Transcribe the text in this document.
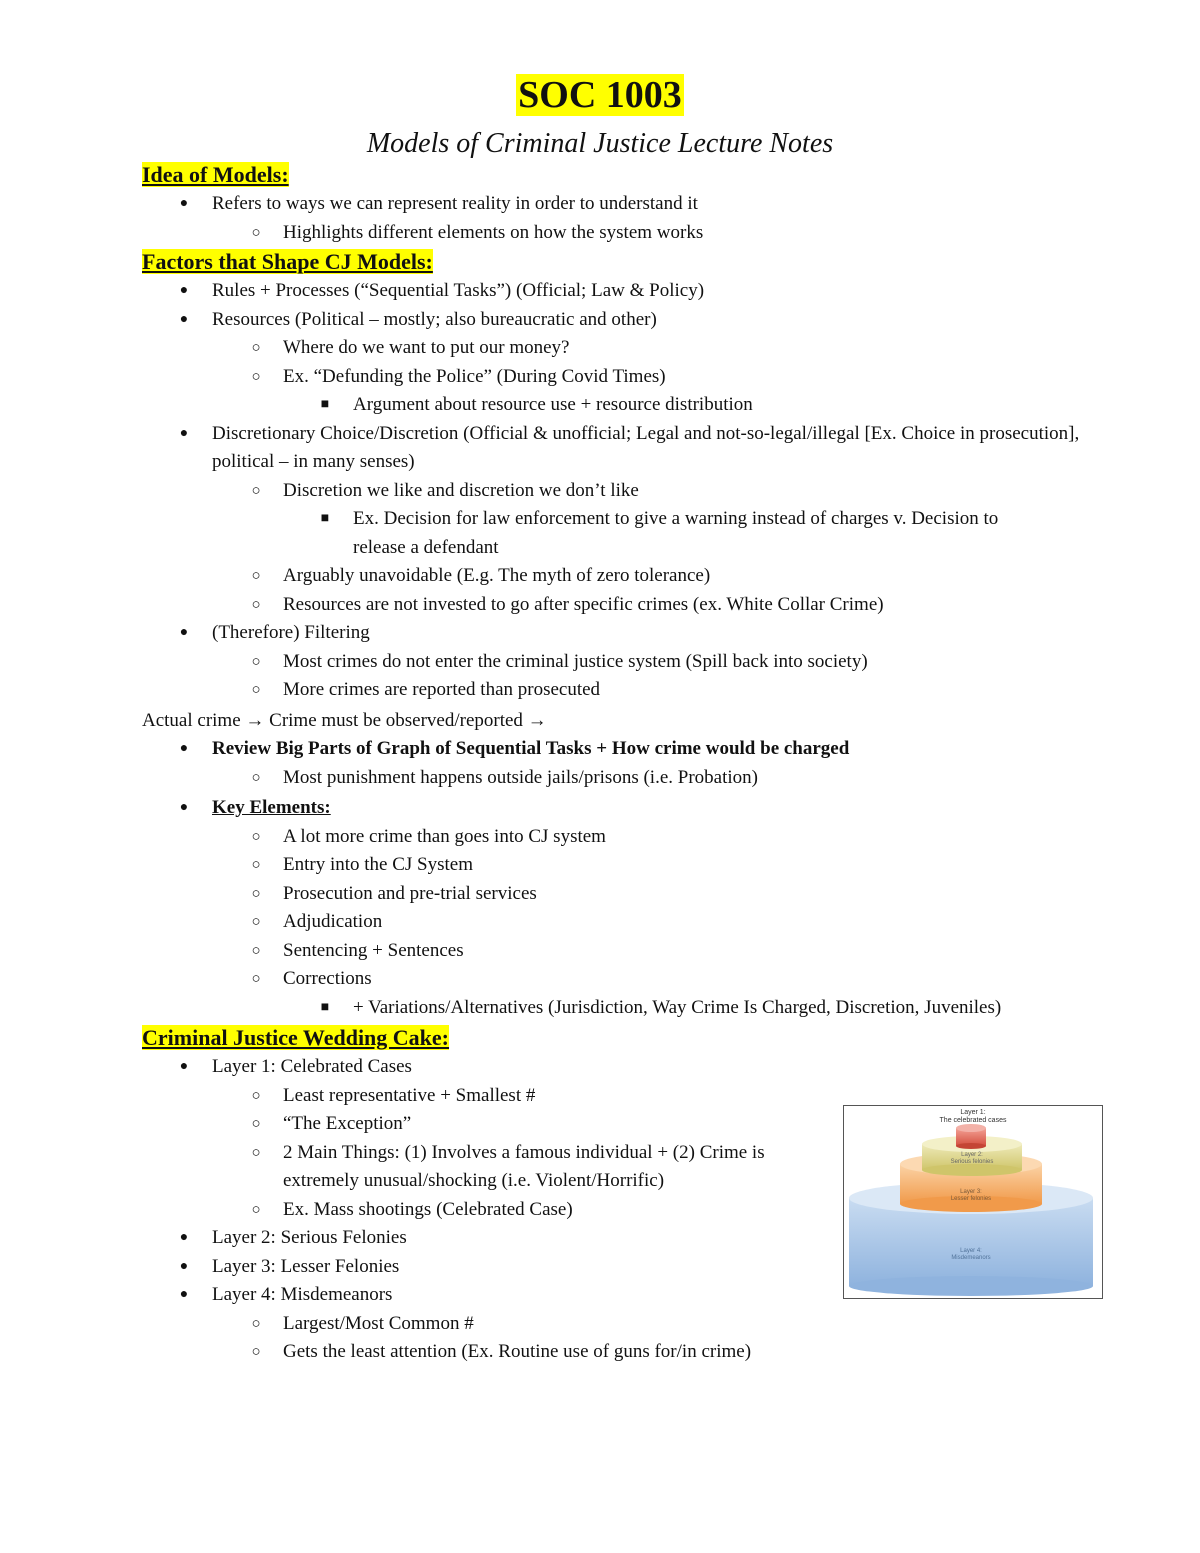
SOC 1003
Models of Criminal Justice Lecture Notes
Idea of Models:
●	Refers to ways we can represent reality in order to understand it
○ Highlights different elements on how the system works
Factors that Shape CJ Models:
●	Rules + Processes (“Sequential Tasks”) (Official; Law & Policy)
●	Resources (Political – mostly; also bureaucratic and other)
○ Where do we want to put our money?
○ Ex. “Defunding the Police” (During Covid Times)
■	Argument about resource use + resource distribution
●	Discretionary Choice/Discretion (Official & unofficial; Legal and not-so-legal/illegal [Ex. Choice in prosecution], political – in many senses)
○ Discretion we like and discretion we don’t like
■	Ex. Decision for law enforcement to give a warning instead of charges v. Decision to release a defendant
○ Arguably unavoidable (E.g. The myth of zero tolerance)
○ Resources are not invested to go after specific crimes (ex. White Collar Crime)
●	(Therefore) Filtering
○ Most crimes do not enter the criminal justice system (Spill back into society)
○ More crimes are reported than prosecuted
Actual crime → Crime must be observed/reported →
●	Review Big Parts of Graph of Sequential Tasks + How crime would be charged
○ Most punishment happens outside jails/prisons (i.e. Probation)
●	Key Elements:
○ A lot more crime than goes into CJ system
○ Entry into the CJ System
○ Prosecution and pre-trial services
○ Adjudication
○ Sentencing + Sentences
○ Corrections
■	+ Variations/Alternatives (Jurisdiction, Way Crime Is Charged, Discretion, Juveniles)
Criminal Justice Wedding Cake:
●	Layer 1: Celebrated Cases
○ Least representative + Smallest #
○ “The Exception”
○ 2 Main Things: (1) Involves a famous individual + (2) Crime is extremely unusual/shocking (i.e. Violent/Horrific)
○ Ex. Mass shootings (Celebrated Case)
●	Layer 2: Serious Felonies
●	Layer 3: Lesser Felonies
●	Layer 4: Misdemeanors
○ Largest/Most Common #
○ Gets the least attention (Ex. Routine use of guns for/in crime)
Layer 1:
The celebrated cases
Layer 2:
Serious felonies
Layer 3:
Lesser felonies
Layer 4:
Misdemeanors
